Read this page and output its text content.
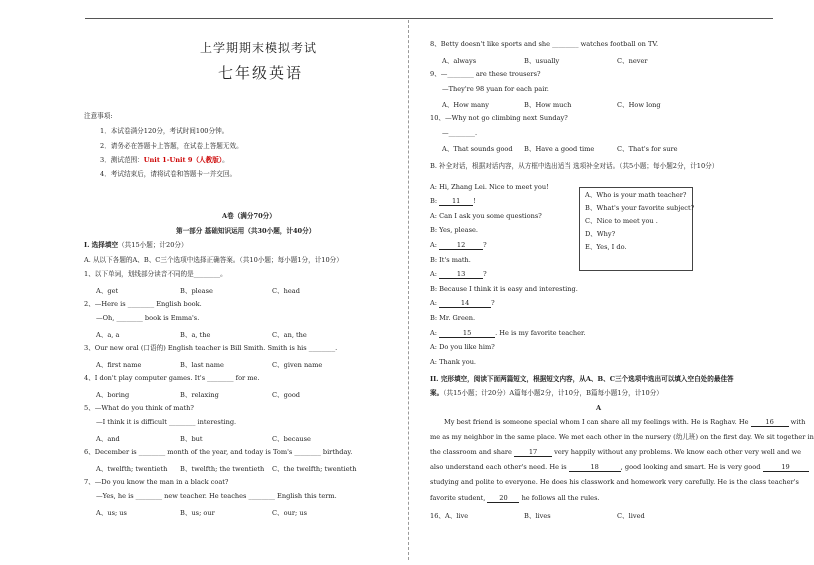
上学期期末模拟考试
七年级英语
注意事项:
1．本试卷满分120分，考试时间100分钟。
2．请务必在答题卡上答题，在试卷上答题无效。
3．测试范围：Unit 1-Unit 9（人教版）。
4．考试结束后，请将试卷和答题卡一并交回。
A卷（满分70分）
第一部分 基础知识运用（共30小题，计40分）
I. 选择填空（共15小题；计20分）
A. 从以下各题的A、B、C三个选项中选择正确答案。（共10小题；每小题1分，计10分）
1、以下单词，划线部分读音不同的是________。
A、get	B、please	C、head
2、—Here is ________ English book.
—Oh, ________ book is Emma's.
A、a, a	B、a, the	C、an, the
3、Our new oral (口语的) English teacher is Bill Smith. Smith is his ________.
A、first name	B、last name	C、given name
4、I don't play computer games. It's ________ for me.
A、boring	B、relaxing	C、good
5、—What do you think of math?
—I think it is difficult ________ interesting.
A、and	B、but	C、because
6、December is ________ month of the year, and today is Tom's ________ birthday.
A、twelfth; twentieth B、twelfth; the twentieth C、the twelfth; twentieth
7、—Do you know the man in a black coat?
—Yes, he is ________ new teacher. He teaches ________ English this term.
A、us; us	B、us; our	C、our; us
8、Betty doesn't like sports and she ________ watches football on TV.
A、always	B、usually	C、never
9、—________ are these trousers?
—They're 98 yuan for each pair.
A、How many	B、How much	C、How long
10、—Why not go climbing next Sunday?
—________.
A、That sounds good B、Have a good time	C、That's for sure
B. 补全对话，根据对话内容，从方框中选出适当 选项补全对话。（共5小题；每小题2分，计10分）
A: Hi, Zhang Lei. Nice to meet you!
B: 11 !
A: Can I ask you some questions?
B: Yes, please.
A:	12	?
B: It's math.
A:	13	?
B: Because I think it is easy and interesting.
A:	14	?
B: Mr. Green.
A:	15	. He is my favorite teacher.
A: Do you like him?
A: Thank you.
A、Who is your math teacher?
B、What's your favorite subject?
C、Nice to meet you .
D、Why?
E、Yes, I do.
II. 完形填空，阅读下面两篇短文，根据短文内容，从A、B、C三个选项中选出可以填入空白处的最佳答
案。（共15小题；计20分）A篇每小题2分，计10分，B篇每小题1分，计10分）
A
My best friend is someone special whom I can share all my feelings with. He is Raghav. He 16 with
me as my neighbor in the same place. We met each other in the nursery (幼儿班) on the first day. We sit together in
the classroom and share 17 very happily without any problems. We know each other very well and we
also understand each other's need. He is	18	, good looking and smart. He is very good	19
studying and polite to everyone. He does his classwork and homework very carefully. He is the class teacher's
favorite student, 20 he follows all the rules.
16、A、live	B、lives	C、lived
